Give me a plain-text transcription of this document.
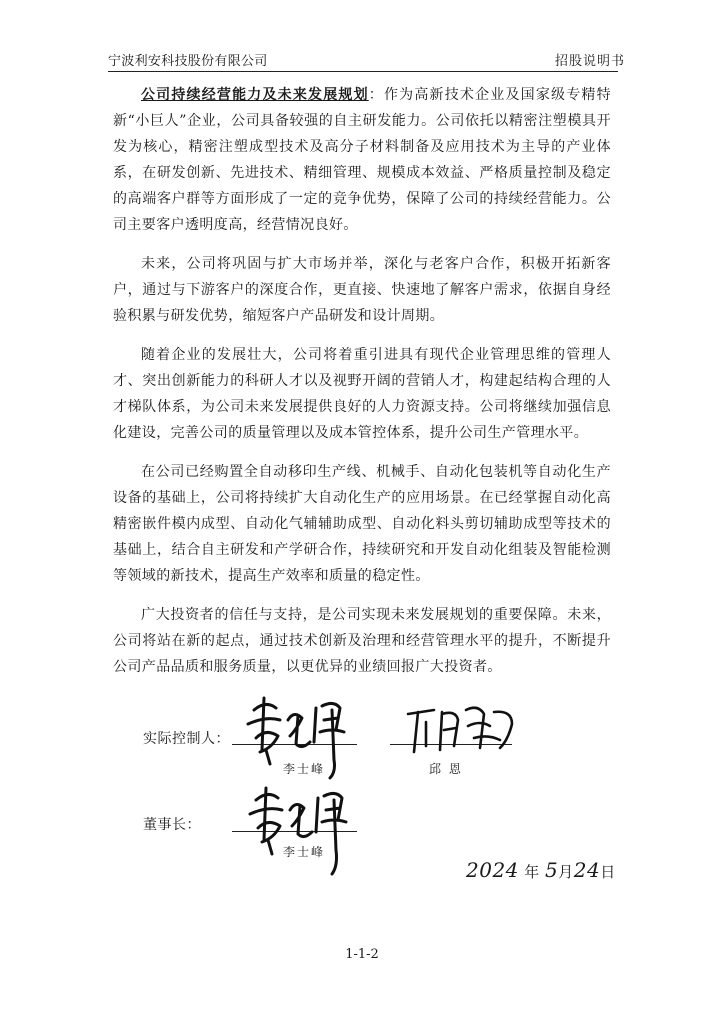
宁波利安科技股份有限公司	招股说明书

公司持续经营能力及未来发展规划：作为高新技术企业及国家级专精特新“小巨人”企业，公司具备较强的自主研发能力。公司依托以精密注塑模具开发为核心，精密注塑成型技术及高分子材料制备及应用技术为主导的产业体系，在研发创新、先进技术、精细管理、规模成本效益、严格质量控制及稳定的高端客户群等方面形成了一定的竞争优势，保障了公司的持续经营能力。公司主要客户透明度高，经营情况良好。

未来，公司将巩固与扩大市场并举，深化与老客户合作，积极开拓新客户，通过与下游客户的深度合作，更直接、快速地了解客户需求，依据自身经验积累与研发优势，缩短客户产品研发和设计周期。

随着企业的发展壮大，公司将着重引进具有现代企业管理思维的管理人才、突出创新能力的科研人才以及视野开阔的营销人才，构建起结构合理的人才梯队体系，为公司未来发展提供良好的人力资源支持。公司将继续加强信息化建设，完善公司的质量管理以及成本管控体系，提升公司生产管理水平。

在公司已经购置全自动移印生产线、机械手、自动化包装机等自动化生产设备的基础上，公司将持续扩大自动化生产的应用场景。在已经掌握自动化高精密嵌件模内成型、自动化气辅辅助成型、自动化料头剪切辅助成型等技术的基础上，结合自主研发和产学研合作，持续研究和开发自动化组装及智能检测等领域的新技术，提高生产效率和质量的稳定性。

广大投资者的信任与支持，是公司实现未来发展规划的重要保障。未来，公司将站在新的起点，通过技术创新及治理和经营管理水平的提升，不断提升公司产品品质和服务质量，以更优异的业绩回报广大投资者。

实际控制人：
李士峰	邱 恩
董事长：
李士峰
2024 年 5月24日
1-1-2
